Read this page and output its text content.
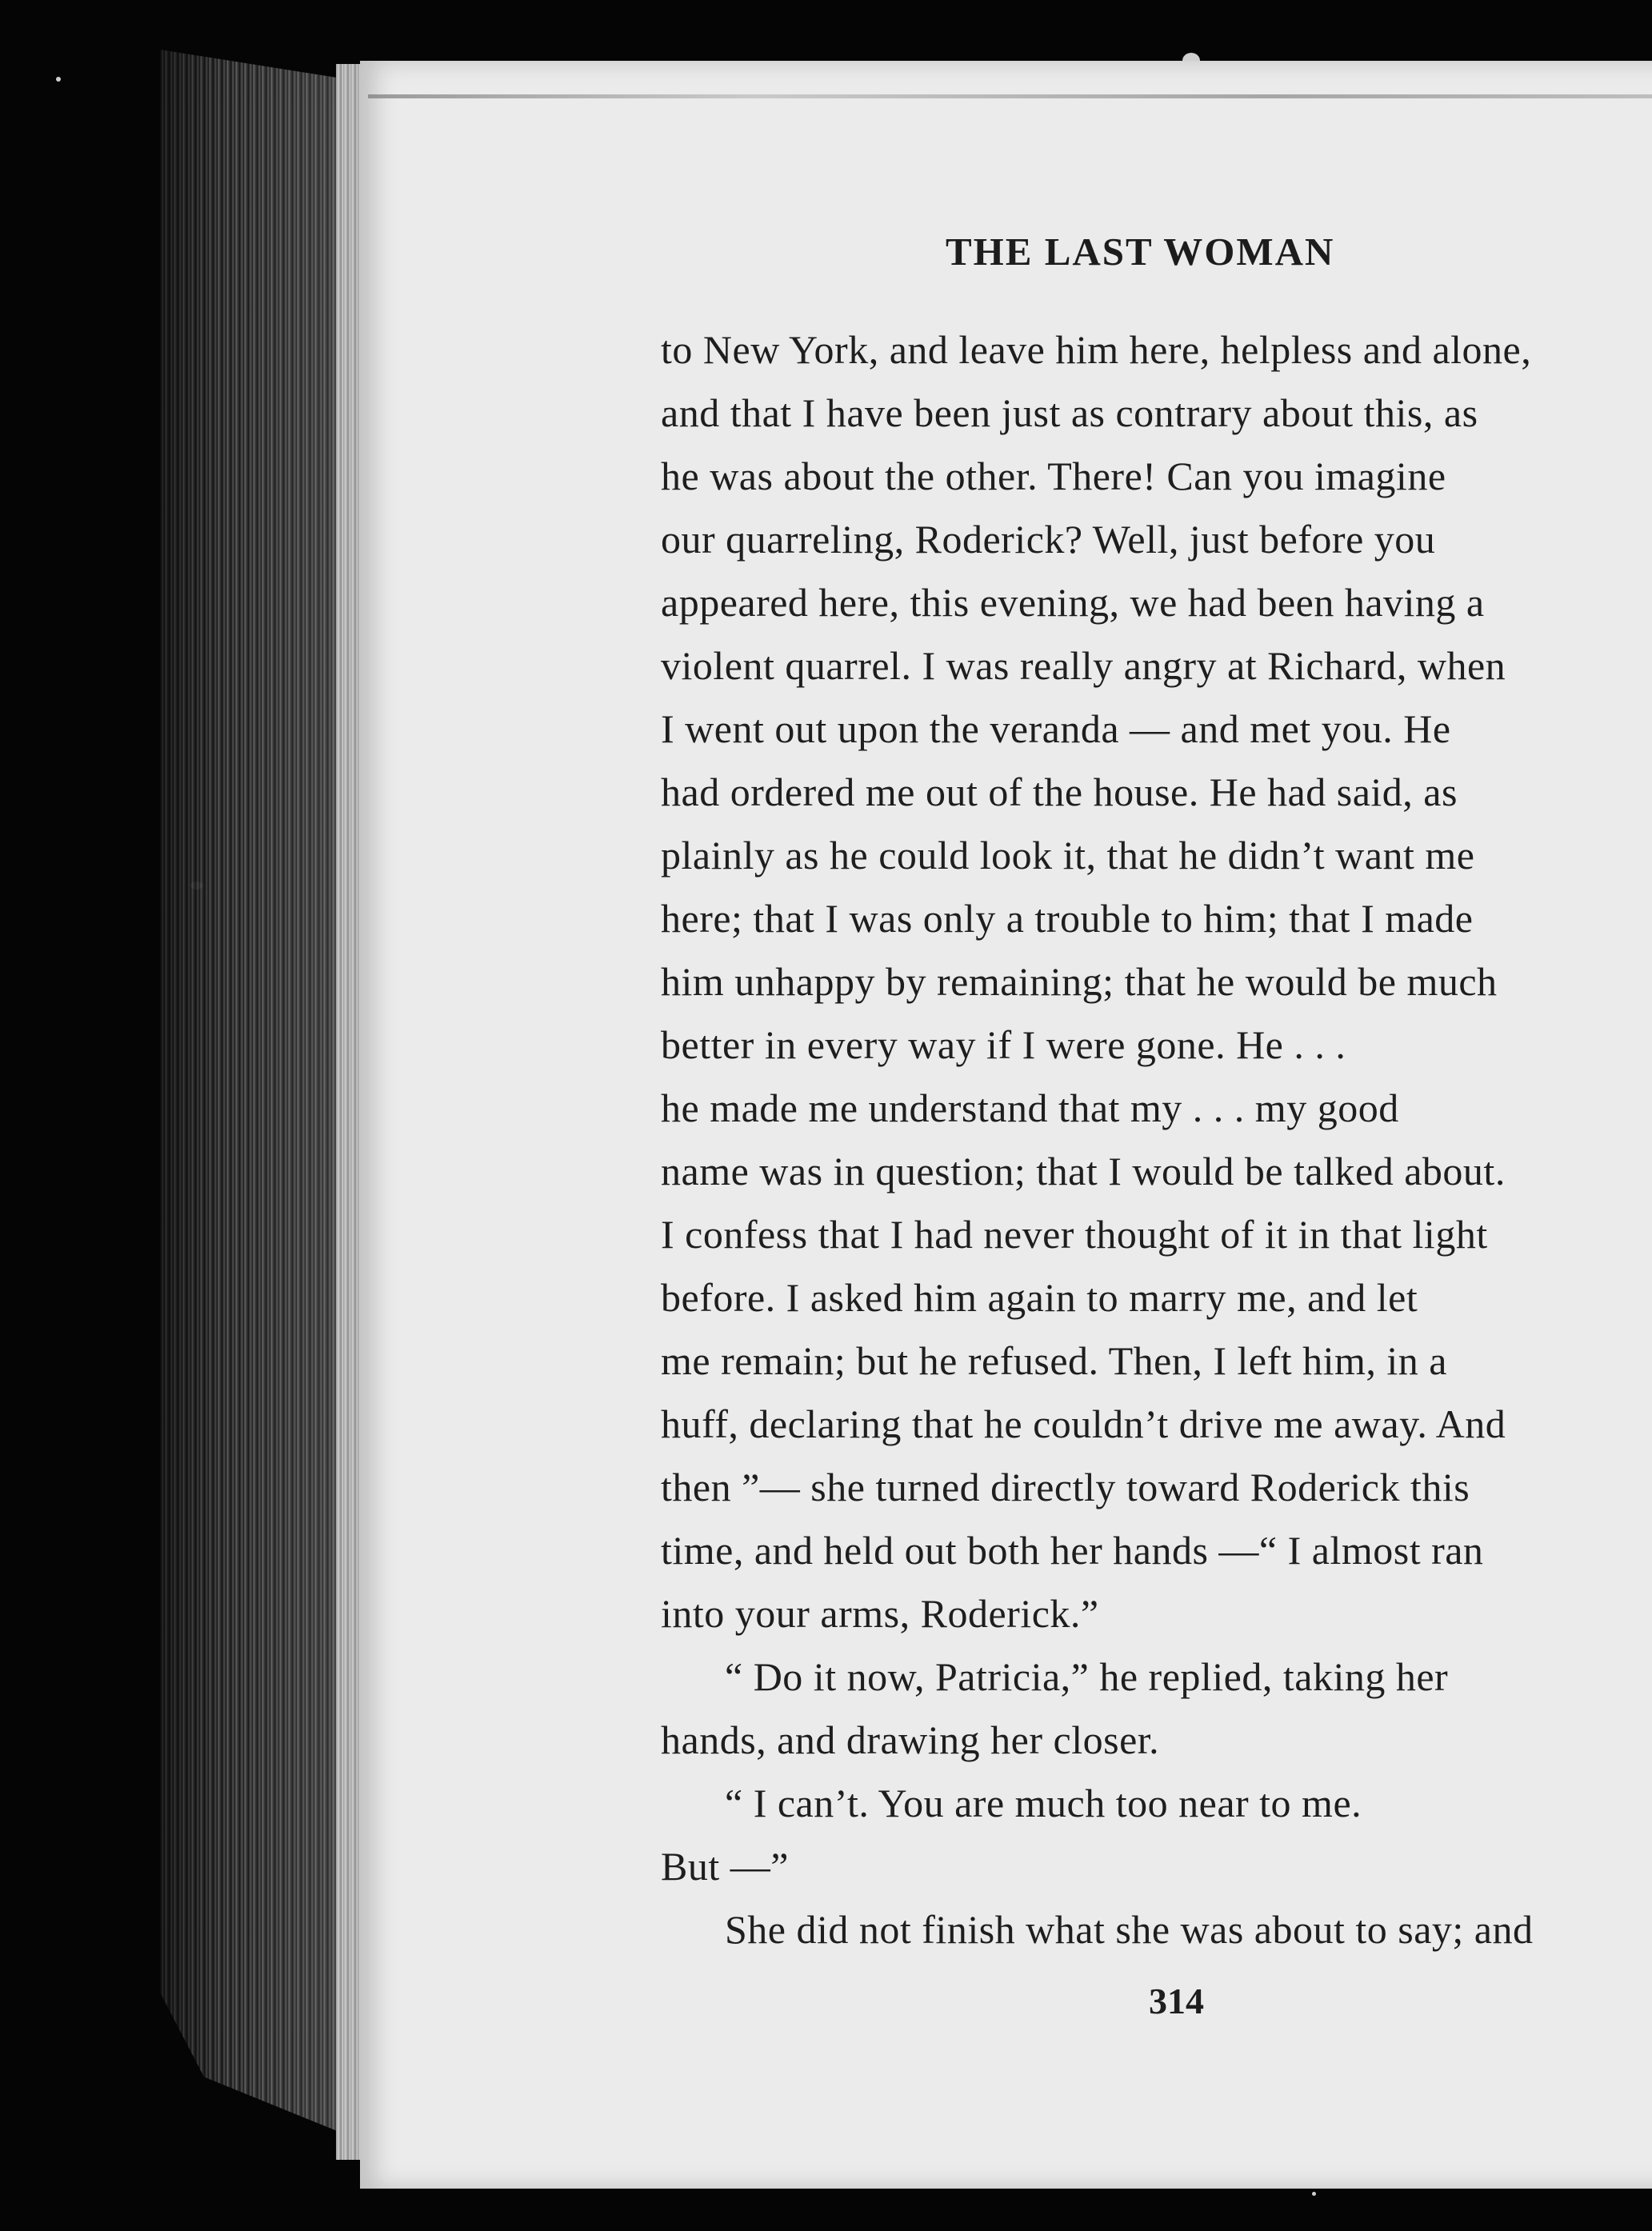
THE LAST WOMAN
to New York, and leave him here, helpless and alone,
and that I have been just as contrary about this, as
he was about the other. There! Can you imagine
our quarreling, Roderick? Well, just before you
appeared here, this evening, we had been having a
violent quarrel. I was really angry at Richard, when
I went out upon the veranda — and met you. He
had ordered me out of the house. He had said, as
plainly as he could look it, that he didn’t want me
here; that I was only a trouble to him; that I made
him unhappy by remaining; that he would be much
better in every way if I were gone. He . . .
he made me understand that my . . . my good
name was in question; that I would be talked about.
I confess that I had never thought of it in that light
before. I asked him again to marry me, and let
me remain; but he refused. Then, I left him, in a
huff, declaring that he couldn’t drive me away. And
then ”— she turned directly toward Roderick this
time, and held out both her hands —“ I almost ran
into your arms, Roderick.”
“ Do it now, Patricia,” he replied, taking her
hands, and drawing her closer.
“ I can’t. You are much too near to me.
But —”
She did not finish what she was about to say; and
314
